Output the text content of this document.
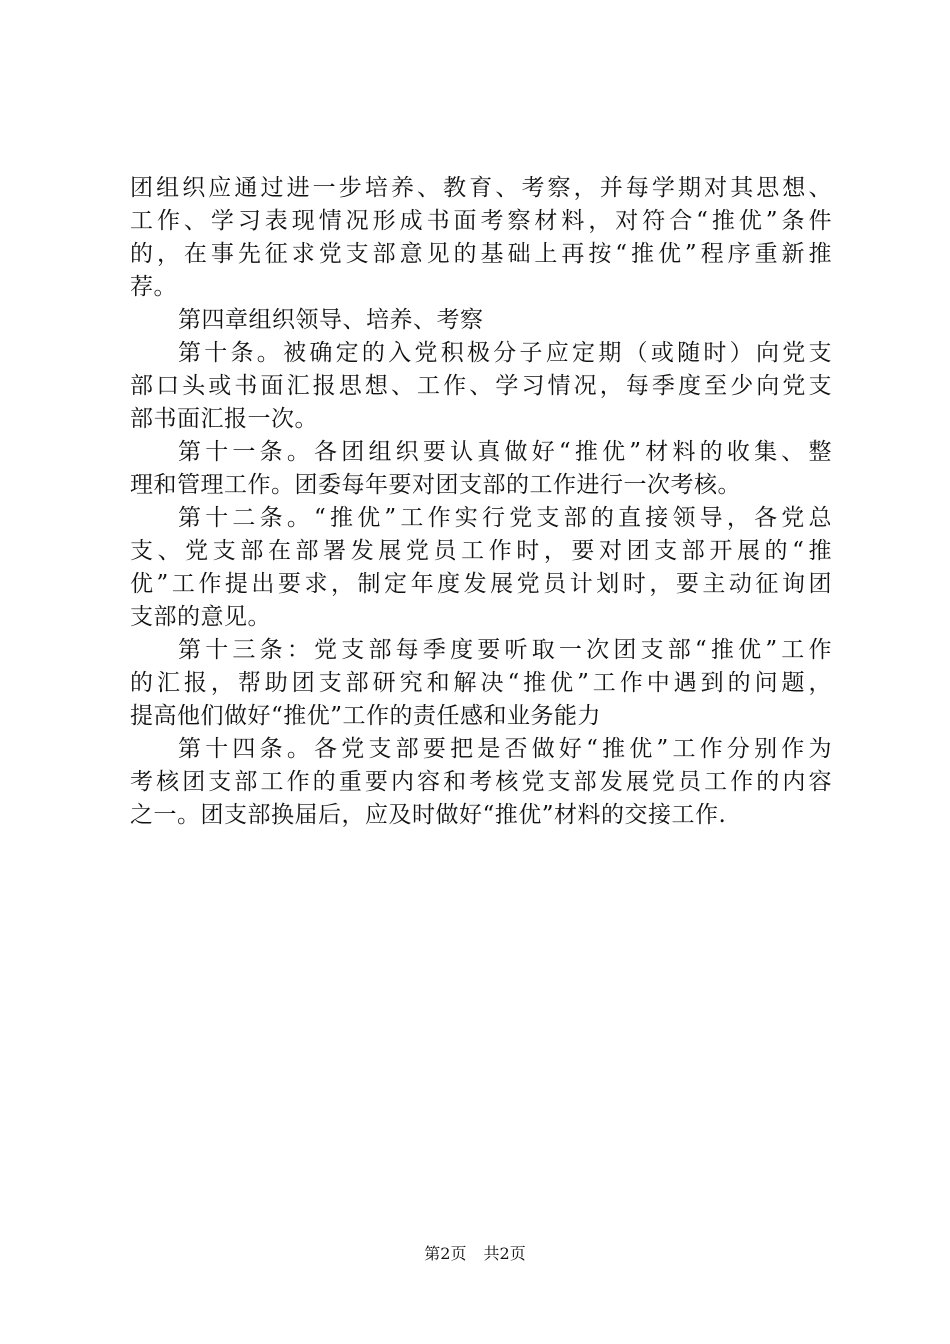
团组织应通过进一步培养、教育、考察，并每学期对其思想、
工作、学习表现情况形成书面考察材料，对符合“推优”条件
的，在事先征求党支部意见的基础上再按“推优”程序重新推
荐。
第四章组织领导、培养、考察
第十条。被确定的入党积极分子应定期（或随时）向党支
部口头或书面汇报思想、工作、学习情况，每季度至少向党支
部书面汇报一次。
第十一条。各团组织要认真做好“推优”材料的收集、整
理和管理工作。团委每年要对团支部的工作进行一次考核。
第十二条。“推优”工作实行党支部的直接领导，各党总
支、党支部在部署发展党员工作时，要对团支部开展的“推
优”工作提出要求，制定年度发展党员计划时，要主动征询团
支部的意见。
第十三条：党支部每季度要听取一次团支部“推优”工作
的汇报，帮助团支部研究和解决“推优”工作中遇到的问题，
提高他们做好“推优”工作的责任感和业务能力
第十四条。各党支部要把是否做好“推优”工作分别作为
考核团支部工作的重要内容和考核党支部发展党员工作的内容
之一。团支部换届后，应及时做好“推优”材料的交接工作.
第2页 共2页
